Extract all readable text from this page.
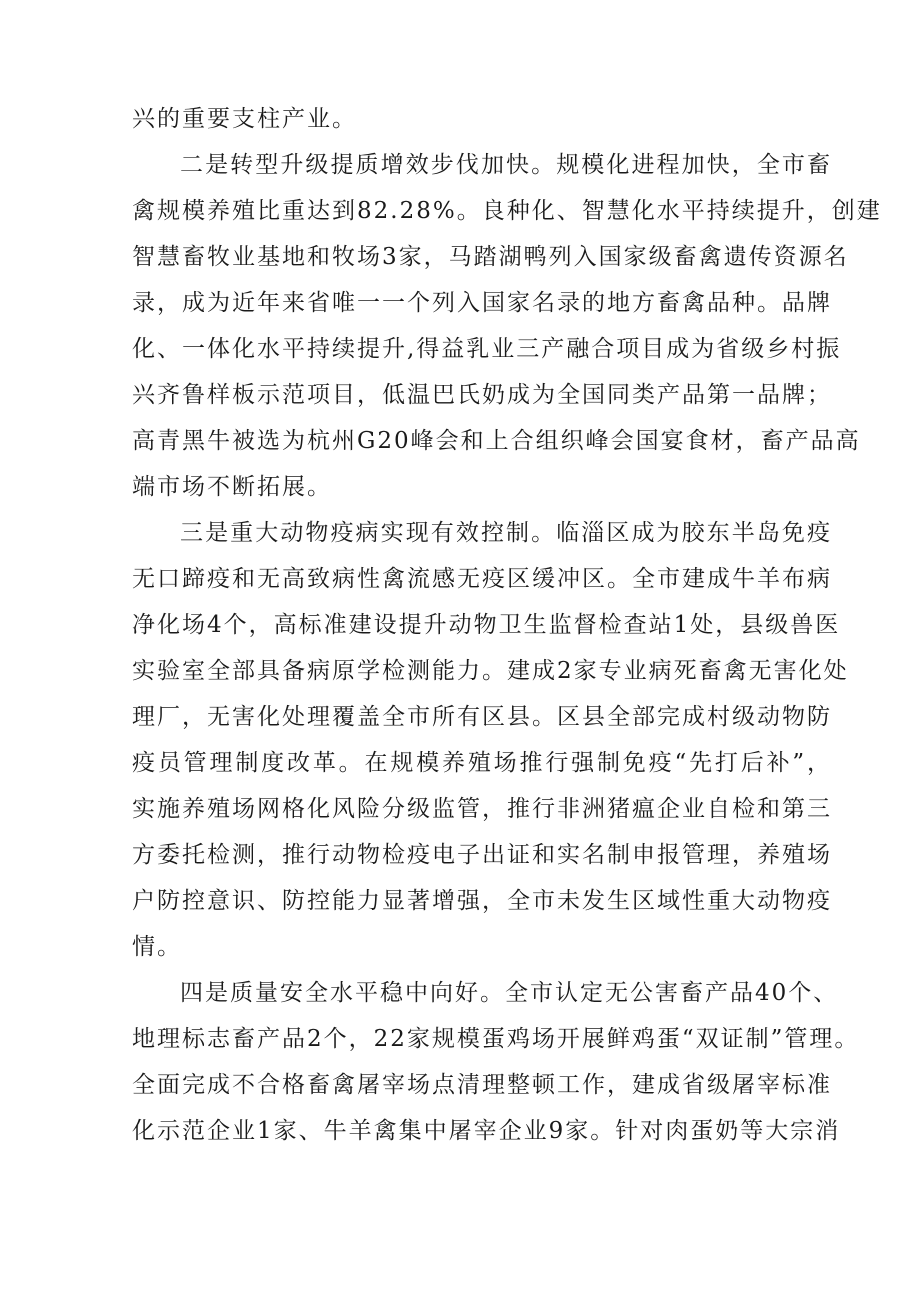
兴的重要支柱产业。
二是转型升级提质增效步伐加快。规模化进程加快，全市畜
禽规模养殖比重达到82.28%。良种化、智慧化水平持续提升，创建
智慧畜牧业基地和牧场3家，马踏湖鸭列入国家级畜禽遗传资源名
录，成为近年来省唯一一个列入国家名录的地方畜禽品种。品牌
化、一体化水平持续提升,得益乳业三产融合项目成为省级乡村振
兴齐鲁样板示范项目，低温巴氏奶成为全国同类产品第一品牌；
高青黑牛被选为杭州G20峰会和上合组织峰会国宴食材，畜产品高
端市场不断拓展。
三是重大动物疫病实现有效控制。临淄区成为胶东半岛免疫
无口蹄疫和无高致病性禽流感无疫区缓冲区。全市建成牛羊布病
净化场4个，高标准建设提升动物卫生监督检查站1处，县级兽医
实验室全部具备病原学检测能力。建成2家专业病死畜禽无害化处
理厂，无害化处理覆盖全市所有区县。区县全部完成村级动物防
疫员管理制度改革。在规模养殖场推行强制免疫“先打后补”，
实施养殖场网格化风险分级监管，推行非洲猪瘟企业自检和第三
方委托检测，推行动物检疫电子出证和实名制申报管理，养殖场
户防控意识、防控能力显著增强，全市未发生区域性重大动物疫
情。
四是质量安全水平稳中向好。全市认定无公害畜产品40个、
地理标志畜产品2个，22家规模蛋鸡场开展鲜鸡蛋“双证制”管理。
全面完成不合格畜禽屠宰场点清理整顿工作，建成省级屠宰标准
化示范企业1家、牛羊禽集中屠宰企业9家。针对肉蛋奶等大宗消
